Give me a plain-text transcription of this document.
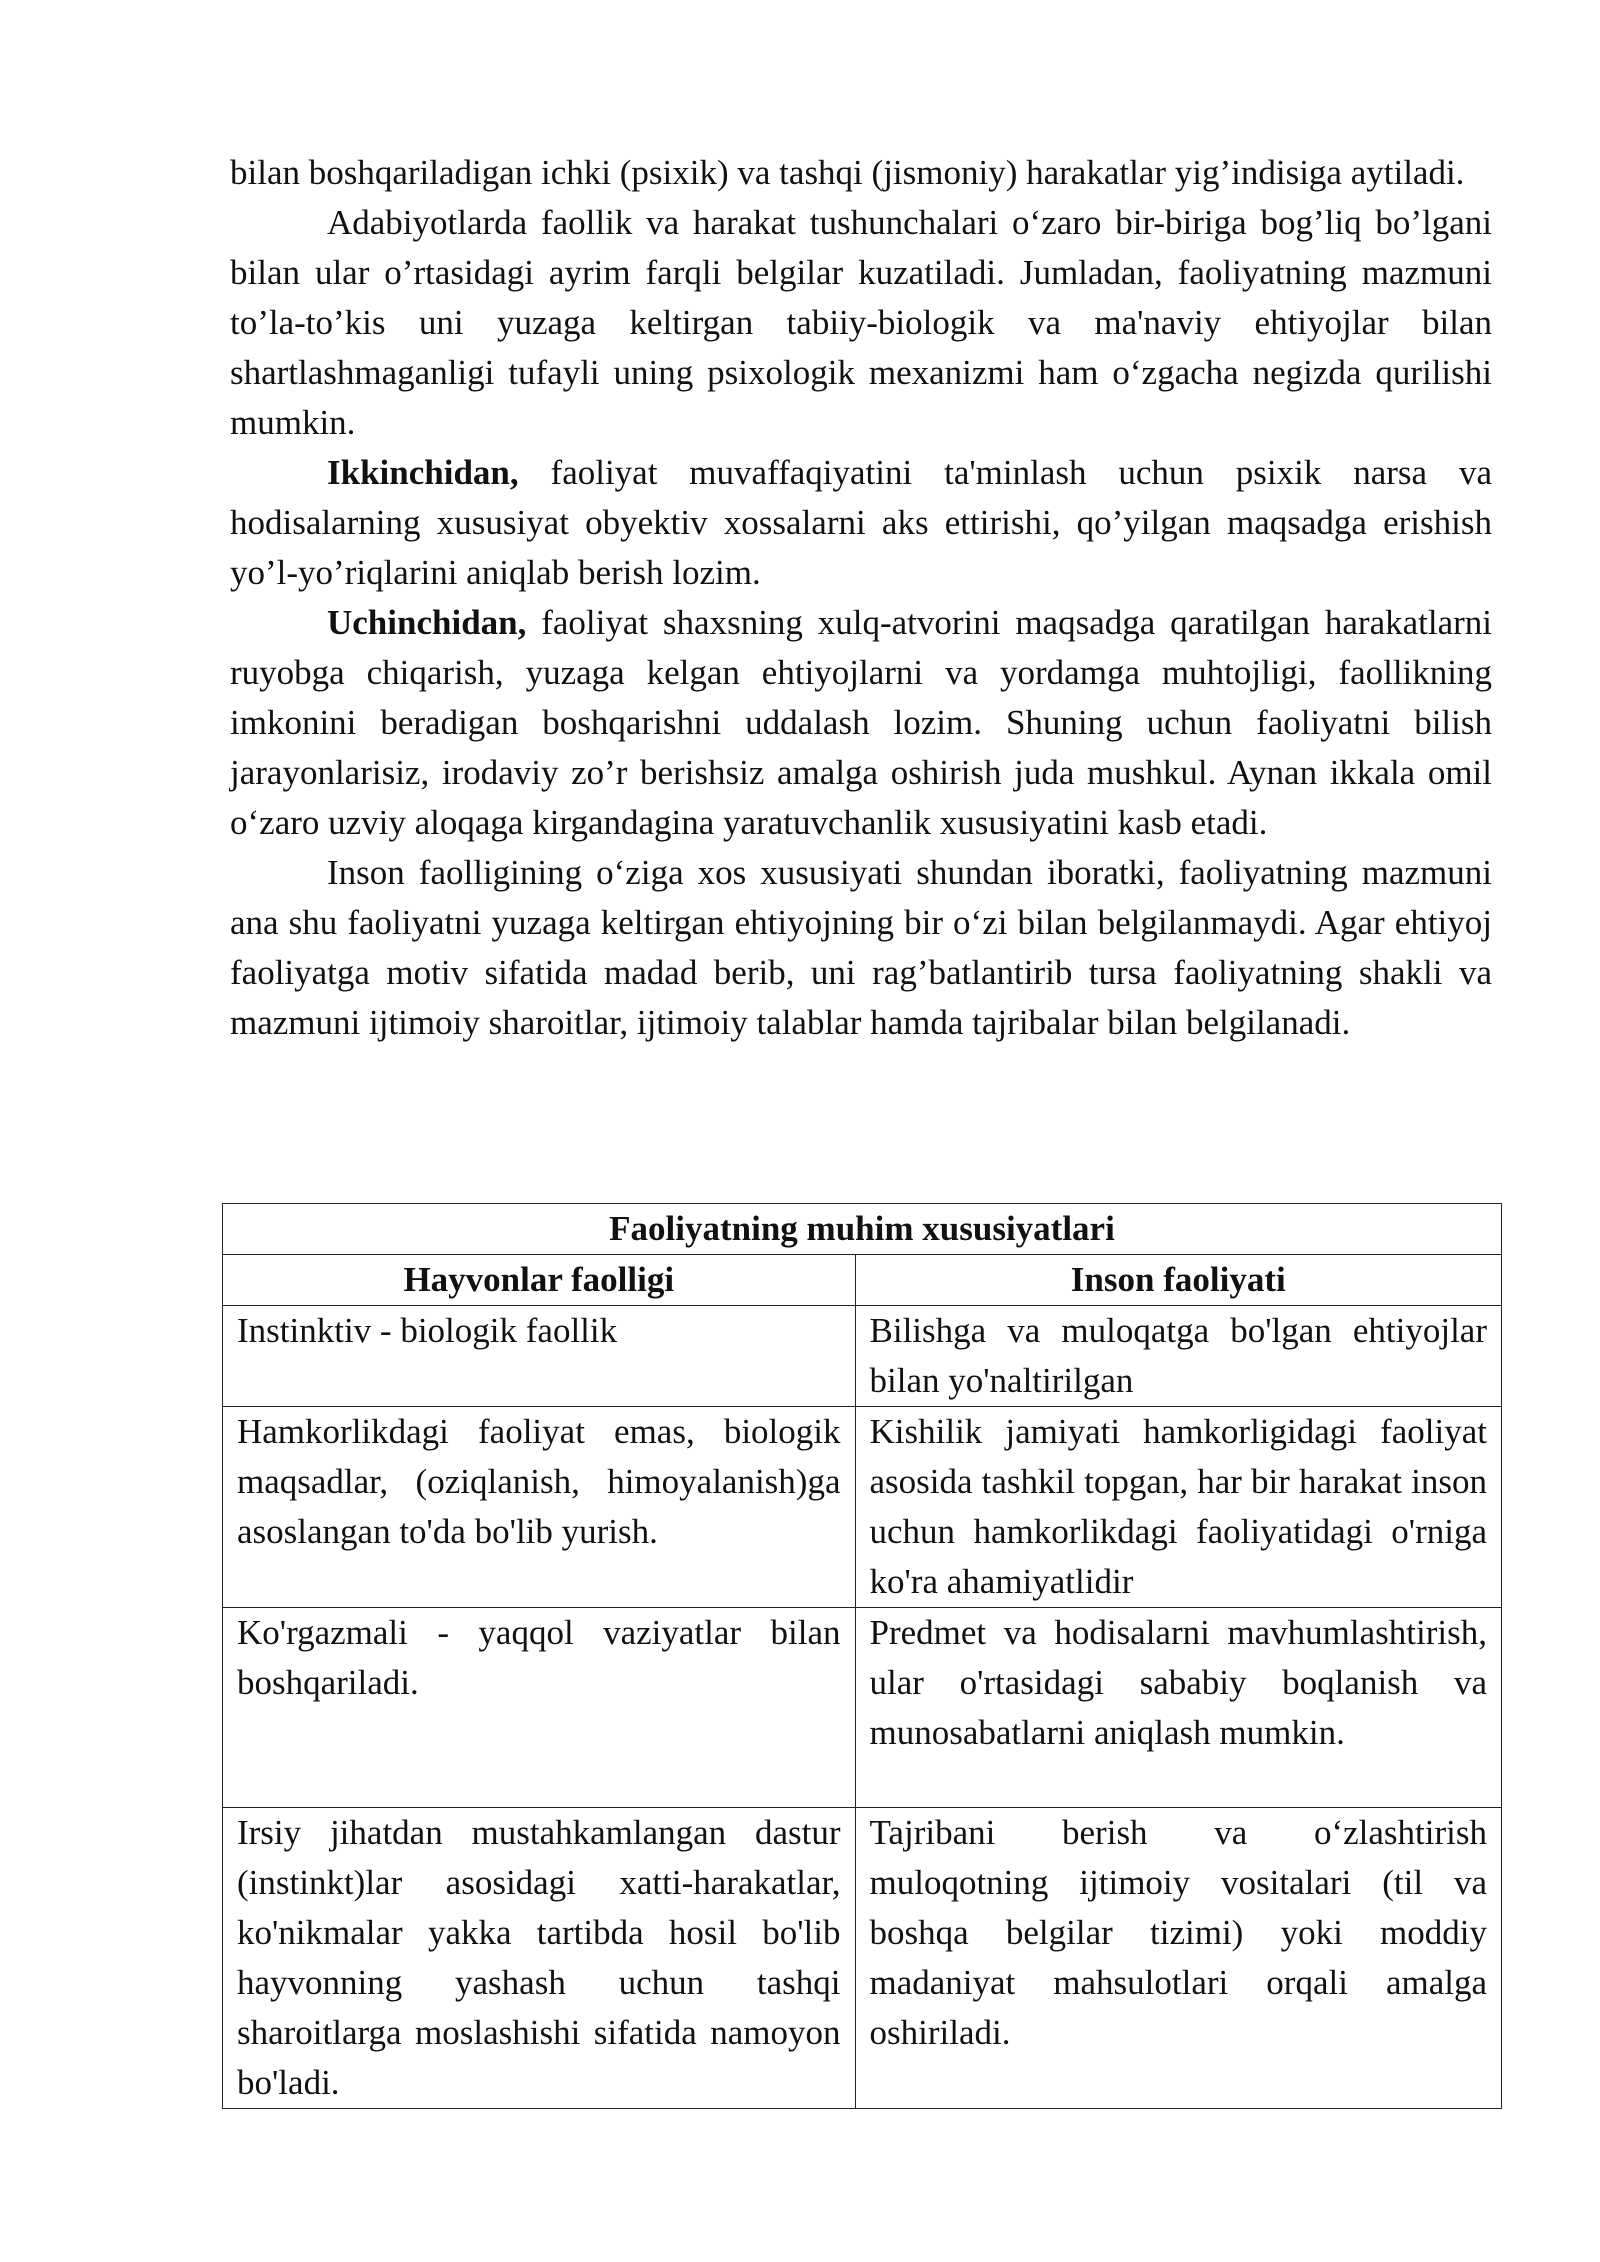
bilan boshqariladigan ichki (psixik) va tashqi (jismoniy) harakatlar yig’indisiga aytiladi.

Adabiyotlarda faollik va harakat tushunchalari o‘zaro bir-biriga bog’liq bo’lgani bilan ular o’rtasidagi ayrim farqli belgilar kuzatiladi. Jumladan, faoliyatning mazmuni to’la-to’kis uni yuzaga keltirgan tabiiy-biologik va ma'naviy ehtiyojlar bilan shartlashmaganligi tufayli uning psixologik mexanizmi ham o‘zgacha negizda qurilishi mumkin.

Ikkinchidan, faoliyat muvaffaqiyatini ta'minlash uchun psixik narsa va hodisalarning xususiyat obyektiv xossalarni aks ettirishi, qo’yilgan maqsadga erishish yo’l-yo’riqlarini aniqlab berish lozim.

Uchinchidan, faoliyat shaxsning xulq-atvorini maqsadga qaratilgan harakatlarni ruyobga chiqarish, yuzaga kelgan ehtiyojlarni va yordamga muhtojligi, faollikning imkonini beradigan boshqarishni uddalash lozim. Shuning uchun faoliyatni bilish jarayonlarisiz, irodaviy zo’r berishsiz amalga oshirish juda mushkul. Aynan ikkala omil o‘zaro uzviy aloqaga kirgandagina yaratuvchanlik xususiyatini kasb etadi.

Inson faolligining o‘ziga xos xususiyati shundan iboratki, faoliyatning mazmuni ana shu faoliyatni yuzaga keltirgan ehtiyojning bir o‘zi bilan belgilanmaydi. Agar ehtiyoj faoliyatga motiv sifatida madad berib, uni rag’batlantirib tursa faoliyatning shakli va mazmuni ijtimoiy sharoitlar, ijtimoiy talablar hamda tajribalar bilan belgilanadi.

Faoliyatning muhim xususiyatlari	
Hayvonlar faolligi	Inson faoliyati
Instinktiv - biologik faollik	Bilishga va muloqatga bo'lgan ehtiyojlar bilan yo'naltirilgan
Hamkorlikdagi faoliyat emas, biologik maqsadlar, (oziqlanish, himoyalanish)ga asoslangan to'da bo'lib yurish.	Kishilik jamiyati hamkorligidagi faoliyat asosida tashkil topgan, har bir harakat inson uchun hamkorlikdagi faoliyatidagi o'rniga ko'ra ahamiyatlidir
Ko'rgazmali - yaqqol vaziyatlar bilan boshqariladi.	Predmet va hodisalarni mavhumlashtirish, ular o'rtasidagi sababiy boqlanish va munosabatlarni aniqlash mumkin.
Irsiy jihatdan mustahkamlangan dastur (instinkt)lar asosidagi xatti-harakatlar, ko'nikmalar yakka tartibda hosil bo'lib hayvonning yashash uchun tashqi sharoitlarga moslashishi sifatida namoyon bo'ladi.	Tajribani berish va o‘zlashtirish muloqotning ijtimoiy vositalari (til va boshqa belgilar tizimi) yoki moddiy madaniyat mahsulotlari orqali amalga oshiriladi.
